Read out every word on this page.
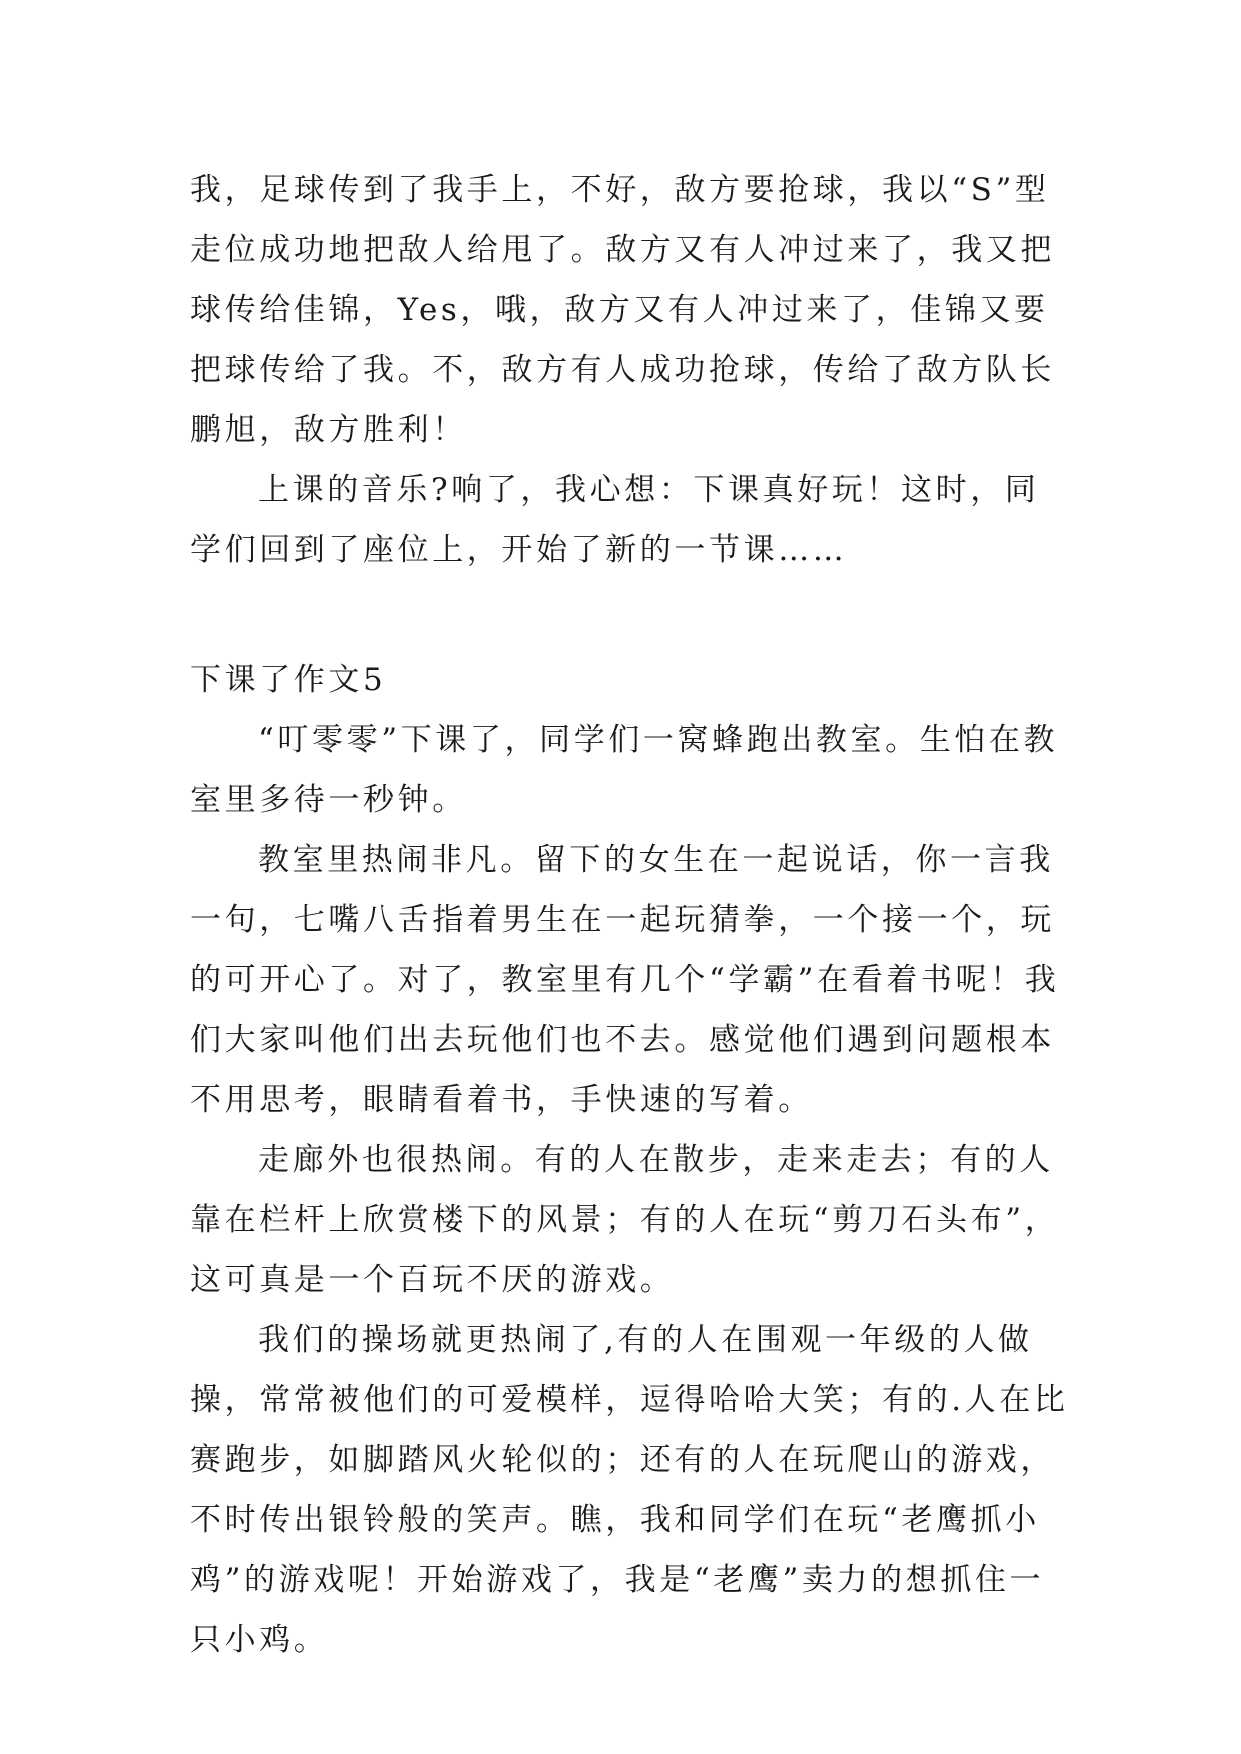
我，足球传到了我手上，不好，敌方要抢球，我以“S”型走位成功地把敌人给甩了。敌方又有人冲过来了，我又把球传给佳锦，Yes，哦，敌方又有人冲过来了，佳锦又要把球传给了我。不，敌方有人成功抢球，传给了敌方队长鹏旭，敌方胜利！

上课的音乐?响了，我心想：下课真好玩！这时，同学们回到了座位上，开始了新的一节课……

下课了作文5

“叮零零”下课了，同学们一窝蜂跑出教室。生怕在教室里多待一秒钟。

教室里热闹非凡。留下的女生在一起说话，你一言我一句，七嘴八舌指着男生在一起玩猜拳，一个接一个，玩的可开心了。对了，教室里有几个“学霸”在看着书呢！我们大家叫他们出去玩他们也不去。感觉他们遇到问题根本不用思考，眼睛看着书，手快速的写着。

走廊外也很热闹。有的人在散步，走来走去；有的人靠在栏杆上欣赏楼下的风景；有的人在玩“剪刀石头布”，这可真是一个百玩不厌的游戏。

我们的操场就更热闹了,有的人在围观一年级的人做操，常常被他们的可爱模样，逗得哈哈大笑；有的.人在比赛跑步，如脚踏风火轮似的；还有的人在玩爬山的游戏，不时传出银铃般的笑声。瞧，我和同学们在玩“老鹰抓小鸡”的游戏呢！开始游戏了，我是“老鹰”卖力的想抓住一只小鸡。
